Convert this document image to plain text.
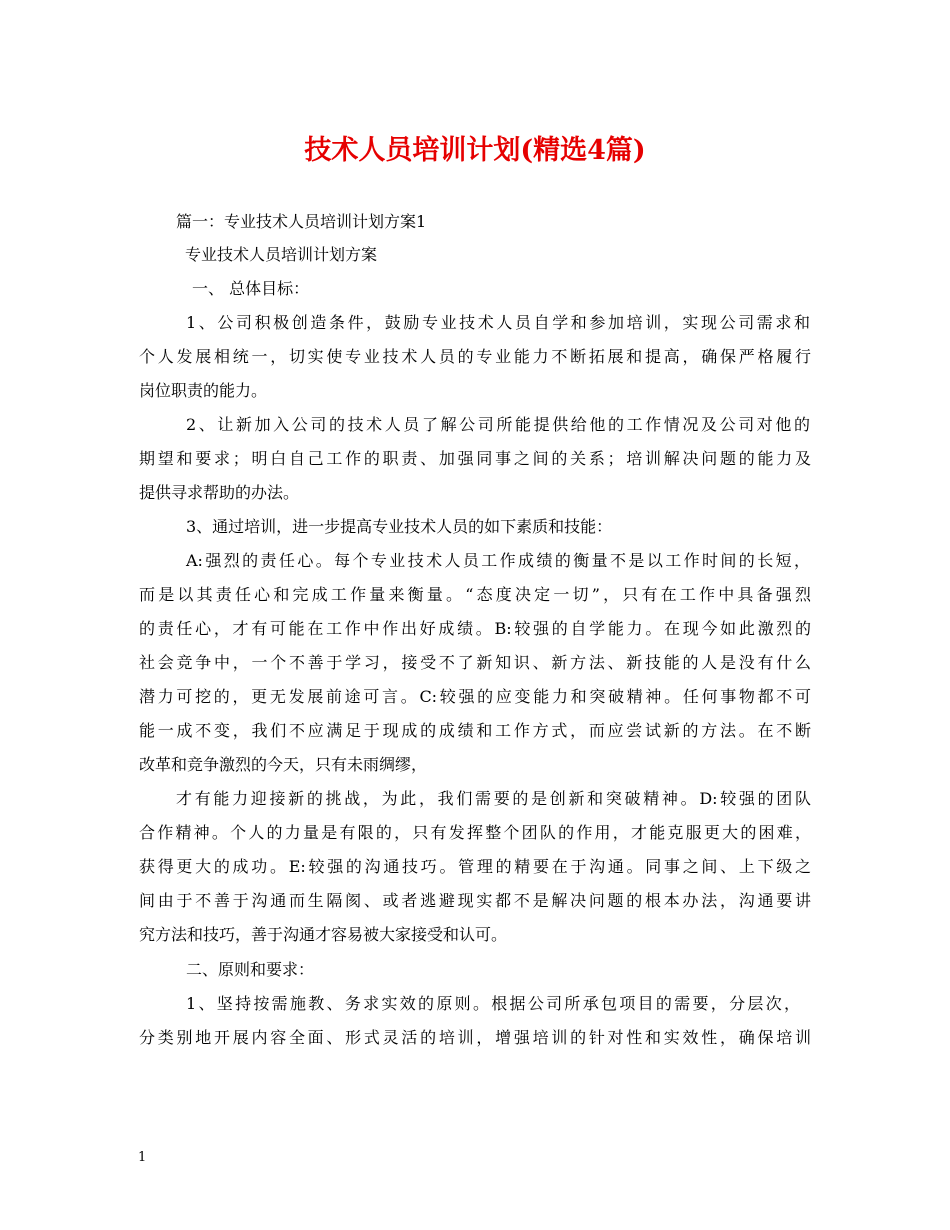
技术人员培训计划(精选4篇)
篇一：专业技术人员培训计划方案1
专业技术人员培训计划方案
一、 总体目标：
1、公司积极创造条件，鼓励专业技术人员自学和参加培训，实现公司需求和
个人发展相统一，切实使专业技术人员的专业能力不断拓展和提高，确保严格履行
岗位职责的能力。
2、让新加入公司的技术人员了解公司所能提供给他的工作情况及公司对他的
期望和要求；明白自己工作的职责、加强同事之间的关系；培训解决问题的能力及
提供寻求帮助的办法。
3、通过培训，进一步提高专业技术人员的如下素质和技能：
A:强烈的责任心。每个专业技术人员工作成绩的衡量不是以工作时间的长短，
而是以其责任心和完成工作量来衡量。“态度决定一切”，只有在工作中具备强烈
的责任心，才有可能在工作中作出好成绩。B:较强的自学能力。在现今如此激烈的
社会竞争中，一个不善于学习，接受不了新知识、新方法、新技能的人是没有什么
潜力可挖的，更无发展前途可言。C:较强的应变能力和突破精神。任何事物都不可
能一成不变，我们不应满足于现成的成绩和工作方式，而应尝试新的方法。在不断
改革和竞争激烈的今天，只有未雨绸缪，
才有能力迎接新的挑战，为此，我们需要的是创新和突破精神。D:较强的团队
合作精神。个人的力量是有限的，只有发挥整个团队的作用，才能克服更大的困难，
获得更大的成功。E:较强的沟通技巧。管理的精要在于沟通。同事之间、上下级之
间由于不善于沟通而生隔阂、或者逃避现实都不是解决问题的根本办法，沟通要讲
究方法和技巧，善于沟通才容易被大家接受和认可。
二、原则和要求：
1、坚持按需施教、务求实效的原则。根据公司所承包项目的需要，分层次，
分类别地开展内容全面、形式灵活的培训，增强培训的针对性和实效性，确保培训
1
